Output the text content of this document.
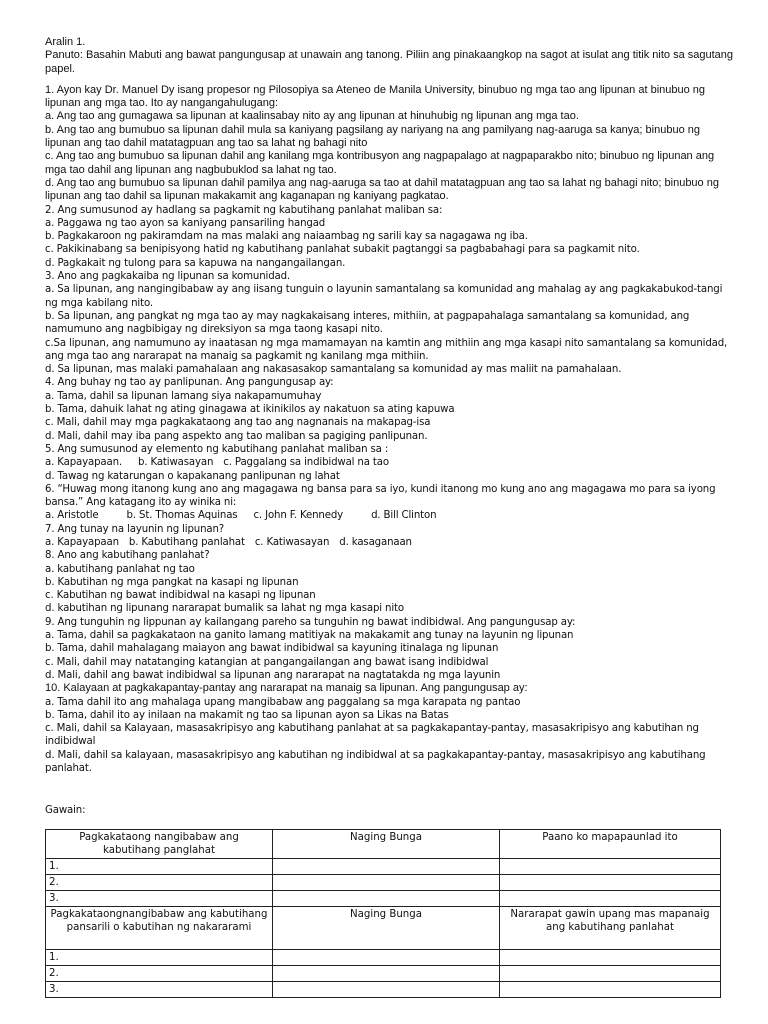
Aralin 1.
Panuto: Basahin Mabuti ang bawat pangungusap at unawain ang tanong. Piliin ang pinakaangkop na sagot at isulat ang titik nito sa sagutang papel.
1. Ayon kay Dr. Manuel Dy isang propesor ng Pilosopiya sa Ateneo de Manila University, binubuo ng mga tao ang lipunan at binubuo ng lipunan ang mga tao. Ito ay nangangahulugang:
a. Ang tao ang gumagawa sa lipunan at kaalinsabay nito ay ang lipunan at hinuhubig ng lipunan ang mga tao.
b. Ang tao ang bumubuo sa lipunan dahil mula sa kaniyang pagsilang ay nariyang na ang pamilyang nag-aaruga sa kanya; binubuo ng lipunan ang tao dahil matatagpuan ang tao sa lahat ng bahagi nito
c. Ang tao ang bumubuo sa lipunan dahil ang kanilang mga kontribusyon ang nagpapalago at nagpaparakbo nito; binubuo ng lipunan ang mga tao dahil ang lipunan ang nagbubuklod sa lahat ng tao.
d. Ang tao ang bumubuo sa lipunan dahil pamilya ang nag-aaruga sa tao at dahil matatagpuan ang tao sa lahat ng bahagi nito; binubuo ng lipunan ang tao dahil sa lipunan makakamit ang kaganapan ng kaniyang pagkatao.
2. Ang sumusunod ay hadlang sa pagkamit ng kabutihang panlahat maliban sa:
a. Paggawa ng tao ayon sa kaniyang pansariling hangad
b. Pagkakaroon ng pakiramdam na mas malaki ang naiaambag ng sarili kay sa nagagawa ng iba.
c. Pakikinabang sa benipisyong hatid ng kabutihang panlahat subakit pagtanggi sa pagbabahagi para sa pagkamit nito.
d. Pagkakait ng tulong para sa kapuwa na nangangailangan.
3. Ano ang pagkakaiba ng lipunan sa komunidad.
a. Sa lipunan, ang nangingibabaw ay ang iisang tunguin o layunin samantalang sa komunidad ang mahalag ay ang pagkakabukod-tangi ng mga kabilang nito.
b. Sa lipunan, ang pangkat ng mga tao ay may nagkakaisang interes, mithiin, at pagpapahalaga samantalang sa komunidad, ang namumuno ang nagbibigay ng direksiyon sa mga taong kasapi nito.
c.Sa lipunan, ang namumuno ay inaatasan ng mga mamamayan na kamtin ang mithiin ang mga kasapi nito samantalang sa komunidad, ang mga tao ang nararapat na manaig sa pagkamit ng kanilang mga mithiin.
d. Sa lipunan, mas malaki pamahalaan ang nakasasakop samantalang sa komunidad ay mas maliit na pamahalaan.
4. Ang buhay ng tao ay panlipunan. Ang pangungusap ay:
a. Tama, dahil sa lipunan lamang siya nakapamumuhay
b. Tama, dahuik lahat ng ating ginagawa at ikinikilos ay nakatuon sa ating kapuwa
c. Mali, dahil may mga pagkakataong ang tao ang nagnanais na makapag-isa
d. Mali, dahil may iba pang aspekto ang tao maliban sa pagiging panlipunan.
5. Ang sumusunod ay elemento ng kabutihang panlahat maliban sa :
a. Kapayapaan. b. Katiwasayan c. Paggalang sa indibidwal na tao
d. Tawag ng katarungan o kapakanang panlipunan ng lahat
6. “Huwag mong itanong kung ano ang magagawa ng bansa para sa iyo, kundi itanong mo kung ano ang magagawa mo para sa iyong bansa.” Ang katagang ito ay winika ni:
a. Aristotle	b. St. Thomas Aquinas c. John F. Kennedy	d. Bill Clinton
7. Ang tunay na layunin ng lipunan?
a. Kapayapaan b. Kabutihang panlahat c. Katiwasayan d. kasaganaan
8. Ano ang kabutihang panlahat?
a. kabutihang panlahat ng tao
b. Kabutihan ng mga pangkat na kasapi ng lipunan
c. Kabutihan ng bawat indibidwal na kasapi ng lipunan
d. kabutihan ng lipunang nararapat bumalik sa lahat ng mga kasapi nito
9. Ang tunguhin ng lippunan ay kailangang pareho sa tunguhin ng bawat indibidwal. Ang pangungusap ay:
a. Tama, dahil sa pagkakataon na ganito lamang matitiyak na makakamit ang tunay na layunin ng lipunan
b. Tama, dahil mahalagang maiayon ang bawat indibidwal sa kayuning itinalaga ng lipunan
c. Mali, dahil may natatanging katangian at pangangailangan ang bawat isang indibidwal
d. Mali, dahil ang bawat indibidwal sa lipunan ang nararapat na nagtatakda ng mga layunin
10. Kalayaan at pagkakapantay-pantay ang nararapat na manaig sa lipunan. Ang pangungusap ay:
a. Tama dahil ito ang mahalaga upang mangibabaw ang paggalang sa mga karapata ng pantao
b. Tama, dahil ito ay inilaan na makamit ng tao sa lipunan ayon sa Likas na Batas
c. Mali, dahil sa Kalayaan, masasakripisyo ang kabutihang panlahat at sa pagkakapantay-pantay, masasakripisyo ang kabutihan ng indibidwal
d. Mali, dahil sa kalayaan, masasakripisyo ang kabutihan ng indibidwal at sa pagkakapantay-pantay, masasakripisyo ang kabutihang panlahat.
Gawain:
Pagkakataong nangibabaw ang kabutihang panglahat	Naging Bunga	Paano ko mapapaunlad ito
1.		
2.		
3.		
Pagkakataongnangibabaw ang kabutihang pansarili o kabutihan ng nakararami	Naging Bunga	Nararapat gawin upang mas mapanaig ang kabutihang panlahat
1.		
2.		
3.		
